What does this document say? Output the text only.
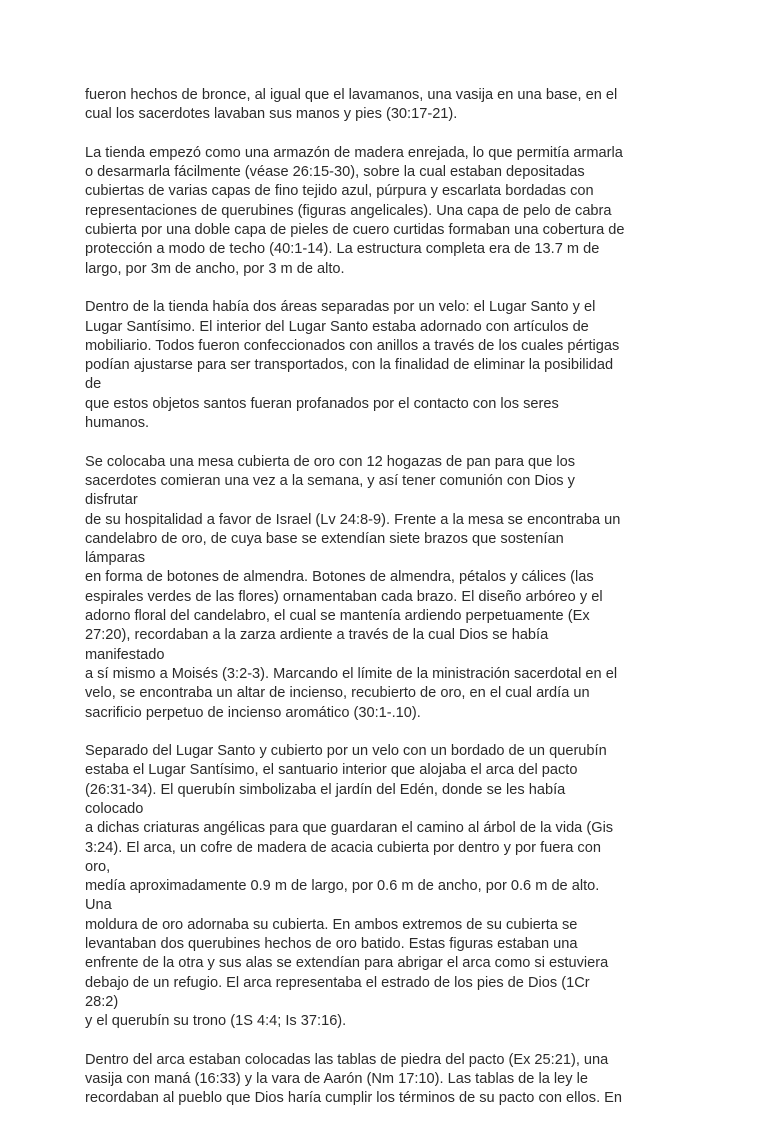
fueron hechos de bronce, al igual que el lavamanos, una vasija en una base, en el
cual los sacerdotes lavaban sus manos y pies (30:17-21).

La tienda empezó como una armazón de madera enrejada, lo que permitía armarla
o desarmarla fácilmente (véase 26:15-30), sobre la cual estaban depositadas
cubiertas de varias capas de fino tejido azul, púrpura y escarlata bordadas con
representaciones de querubines (figuras angelicales). Una capa de pelo de cabra
cubierta por una doble capa de pieles de cuero curtidas formaban una cobertura de
protección a modo de techo (40:1-14). La estructura completa era de 13.7 m de
largo, por 3m de ancho, por 3 m de alto.

Dentro de la tienda había dos áreas separadas por un velo: el Lugar Santo y el
Lugar Santísimo. El interior del Lugar Santo estaba adornado con artículos de
mobiliario. Todos fueron confeccionados con anillos a través de los cuales pértigas
podían ajustarse para ser transportados, con la finalidad de eliminar la posibilidad de
que estos objetos santos fueran profanados por el contacto con los seres humanos.

Se colocaba una mesa cubierta de oro con 12 hogazas de pan para que los
sacerdotes comieran una vez a la semana, y así tener comunión con Dios y disfrutar
de su hospitalidad a favor de Israel (Lv 24:8-9). Frente a la mesa se encontraba un
candelabro de oro, de cuya base se extendían siete brazos que sostenían lámparas
en forma de botones de almendra. Botones de almendra, pétalos y cálices (las
espirales verdes de las flores) ornamentaban cada brazo. El diseño arbóreo y el
adorno floral del candelabro, el cual se mantenía ardiendo perpetuamente (Ex
27:20), recordaban a la zarza ardiente a través de la cual Dios se había manifestado
a sí mismo a Moisés (3:2-3). Marcando el límite de la ministración sacerdotal en el
velo, se encontraba un altar de incienso, recubierto de oro, en el cual ardía un
sacrificio perpetuo de incienso aromático (30:1-.10).

Separado del Lugar Santo y cubierto por un velo con un bordado de un querubín
estaba el Lugar Santísimo, el santuario interior que alojaba el arca del pacto
(26:31-34). El querubín simbolizaba el jardín del Edén, donde se les había colocado
a dichas criaturas angélicas para que guardaran el camino al árbol de la vida (Gis
3:24). El arca, un cofre de madera de acacia cubierta por dentro y por fuera con oro,
medía aproximadamente 0.9 m de largo, por 0.6 m de ancho, por 0.6 m de alto. Una
moldura de oro adornaba su cubierta. En ambos extremos de su cubierta se
levantaban dos querubines hechos de oro batido. Estas figuras estaban una
enfrente de la otra y sus alas se extendían para abrigar el arca como si estuviera
debajo de un refugio. El arca representaba el estrado de los pies de Dios (1Cr 28:2)
y el querubín su trono (1S 4:4; Is 37:16).

Dentro del arca estaban colocadas las tablas de piedra del pacto (Ex 25:21), una
vasija con maná (16:33) y la vara de Aarón (Nm 17:10). Las tablas de la ley le
recordaban al pueblo que Dios haría cumplir los términos de su pacto con ellos. En
